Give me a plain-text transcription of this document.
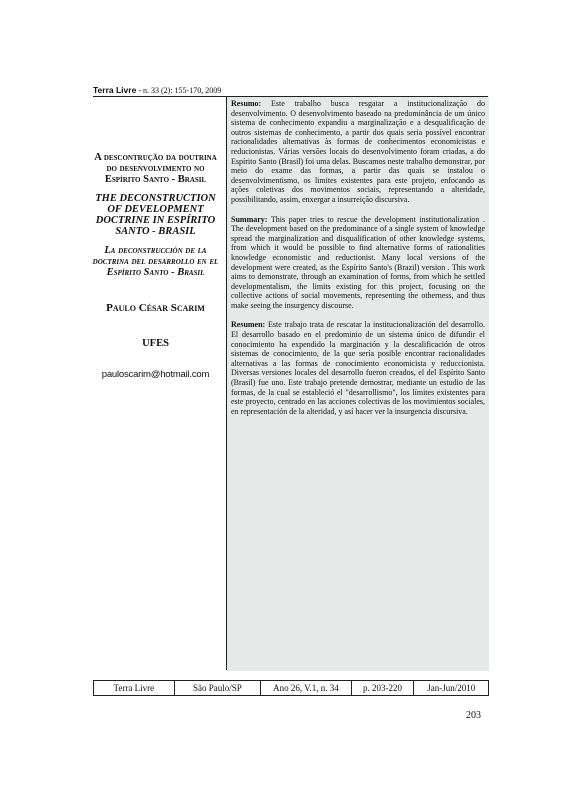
Terra Livre - n. 33 (2): 155-170, 2009
A descontrução da doutrina do desenvolvimento no Espírito Santo - Brasil
THE DECONSTRUCTION OF DEVELOPMENT DOCTRINE IN ESPÍRITO SANTO - BRASIL
La deconstrucción de la doctrina del desarrollo en el Espírito Santo - Brasil
Paulo César Scarim
UFES
pauloscarim@hotmail.com

Resumo: Este trabalho busca resgatar a institucionalização do desenvolvimento. O desenvolvimento baseado na predominância de um único sistema de conhecimento expandiu a marginalização e a desqualificação de outros sistemas de conhecimento, a partir dos quais seria possível encontrar racionalidades alternativas às formas de conhecimentos economicistas e reducionistas. Várias versões locais do desenvolvimento foram criadas, a do Espírito Santo (Brasil) foi uma delas. Buscamos neste trabalho demonstrar, por meio do exame das formas, a partir das quais se instalou o desenvolvimentismo, os limites existentes para este projeto, enfocando as ações coletivas dos movimentos sociais, representando a alteridade, possibilitando, assim, enxergar a insurreição discursiva.

Summary: This paper tries to rescue the development institutionalization . The development based on the predominance of a single system of knowledge spread the marginalization and disqualification of other knowledge systems, from which it would be possible to find alternative forms of rationalities knowledge economistic and reductionist. Many local versions of the development were created, as the Espírito Santo's (Brazil) version . This work aims to demonstrate, through an examination of forms, from which he settled developmentalism, the limits existing for this project, focusing on the collective actions of social movements, representing the otherness, and thus make seeing the insurgency discourse.

Resumen: Este trabajo trata de rescatar la institucionalización del desarrollo. El desarrollo basado en el predominio de un sistema único de difundir el conocimiento ha expendido la marginación y la descalificación de otros sistemas de conocimiento, de la que sería posible encontrar racionalidades alternativas a las formas de conocimiento economicista y reduccionista. Diversas versiones locales del desarrollo fueron creados, el del Espírito Santo (Brasil) fue uno. Este trabajo pretende demostrar, mediante un estudio de las formas, de la cual se estableció el "desarrollismo", los límites existentes para este proyecto, centrado en las acciones colectivas de los movimientos sociales, en representación de la alteridad, y así hacer ver la insurgencia discursiva.

Terra Livre	São Paulo/SP	Ano 26, V.1, n. 34	p. 203-220	Jan-Jun/2010
203
